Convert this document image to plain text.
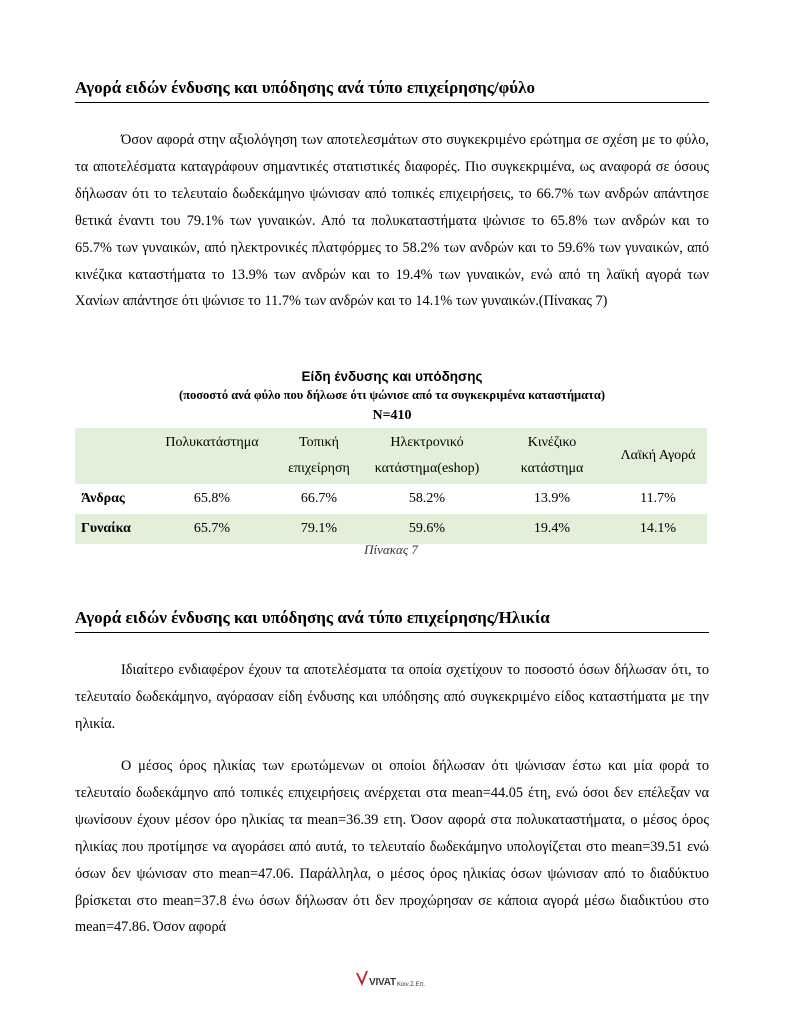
Αγορά ειδών ένδυσης και υπόδησης ανά τύπο επιχείρησης/φύλο

Όσον αφορά στην αξιολόγηση των αποτελεσμάτων στο συγκεκριμένο ερώτημα σε σχέση με το φύλο, τα αποτελέσματα καταγράφουν σημαντικές στατιστικές διαφορές. Πιο συγκεκριμένα, ως αναφορά σε όσους δήλωσαν ότι το τελευταίο δωδεκάμηνο ψώνισαν από τοπικές επιχειρήσεις, το 66.7% των ανδρών απάντησε θετικά έναντι του 79.1% των γυναικών. Από τα πολυκαταστήματα ψώνισε το 65.8% των ανδρών και το 65.7% των γυναικών, από ηλεκτρονικές πλατφόρμες το 58.2% των ανδρών και το 59.6% των γυναικών, από κινέζικα καταστήματα το 13.9% των ανδρών και το 19.4% των γυναικών, ενώ από τη λαϊκή αγορά των Χανίων απάντησε ότι ψώνισε το 11.7% των ανδρών και το 14.1% των γυναικών.(Πίνακας 7)

Είδη ένδυσης και υπόδησης
(ποσοστό ανά φύλο που δήλωσε ότι ψώνισε από τα συγκεκριμένα καταστήματα)
N=410
	Πολυκατάστημα	Τοπική επιχείρηση	Ηλεκτρονικό κατάστημα(eshop)	Κινέζικο κατάστημα	Λαϊκή Αγορά
Άνδρας	65.8%	66.7%	58.2%	13.9%	11.7%
Γυναίκα	65.7%	79.1%	59.6%	19.4%	14.1%
Πίνακας 7
Αγορά ειδών ένδυσης και υπόδησης ανά τύπο επιχείρησης/Ηλικία

Ιδιαίτερο ενδιαφέρον έχουν τα αποτελέσματα τα οποία σχετίχουν το ποσοστό όσων δήλωσαν ότι, το τελευταίο δωδεκάμηνο, αγόρασαν είδη ένδυσης και υπόδησης από συγκεκριμένο είδος καταστήματα με την ηλικία.

Ο μέσος όρος ηλικίας των ερωτώμενων οι οποίοι δήλωσαν ότι ψώνισαν έστω και μία φορά το τελευταίο δωδεκάμηνο από τοπικές επιχειρήσεις ανέρχεται στα mean=44.05 έτη, ενώ όσοι δεν επέλεξαν να ψωνίσουν έχουν μέσον όρο ηλικίας τα mean=36.39 ετη. Όσον αφορά στα πολυκαταστήματα, ο μέσος όρος ηλικίας που προτίμησε να αγοράσει από αυτά, το τελευταίο δωδεκάμηνο υπολογίζεται στο mean=39.51 ενώ όσων δεν ψώνισαν στο mean=47.06. Παράλληλα, ο μέσος όρος ηλικίας όσων ψώνισαν από το διαδύκτυο βρίσκεται στο mean=37.8 ένω όσων δήλωσαν ότι δεν προχώρησαν σε κάποια αγορά μέσω διαδικτύου στο mean=47.86. Όσον αφορά

VIVAT Κοιν.Σ.Επ.
